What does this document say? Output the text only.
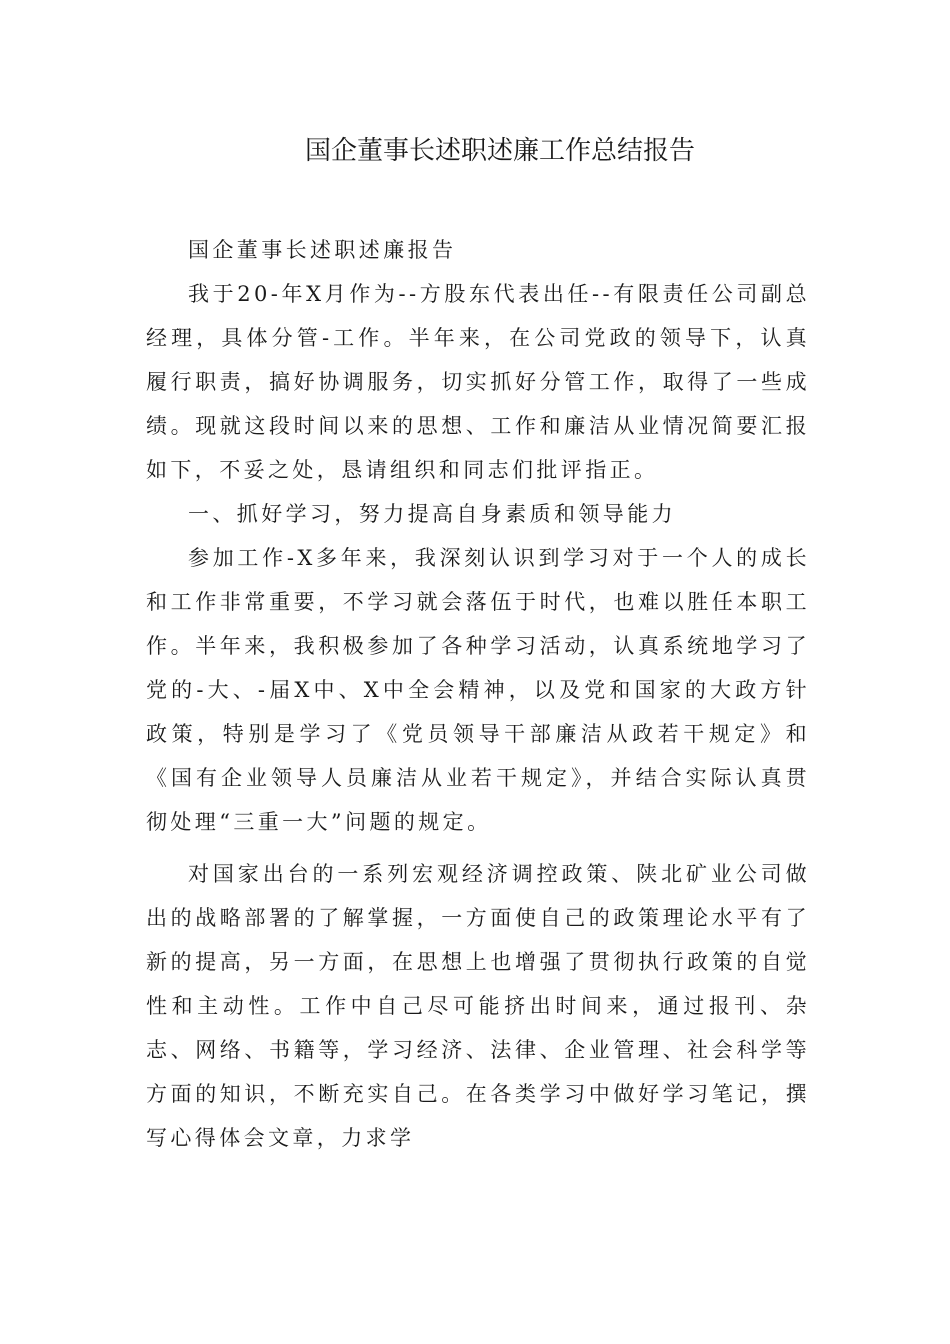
国企董事长述职述廉工作总结报告

国企董事长述职述廉报告

我于20-年X月作为--方股东代表出任--有限责任公司副总经理，具体分管-工作。半年来，在公司党政的领导下，认真履行职责，搞好协调服务，切实抓好分管工作，取得了一些成绩。现就这段时间以来的思想、工作和廉洁从业情况简要汇报如下，不妥之处，恳请组织和同志们批评指正。

一、抓好学习，努力提高自身素质和领导能力

参加工作-X多年来，我深刻认识到学习对于一个人的成长和工作非常重要，不学习就会落伍于时代，也难以胜任本职工作。半年来，我积极参加了各种学习活动，认真系统地学习了党的-大、-届X中、X中全会精神，以及党和国家的大政方针政策，特别是学习了《党员领导干部廉洁从政若干规定》和《国有企业领导人员廉洁从业若干规定》，并结合实际认真贯彻处理“三重一大”问题的规定。

对国家出台的一系列宏观经济调控政策、陕北矿业公司做出的战略部署的了解掌握，一方面使自己的政策理论水平有了新的提高，另一方面，在思想上也增强了贯彻执行政策的自觉性和主动性。工作中自己尽可能挤出时间来，通过报刊、杂志、网络、书籍等，学习经济、法律、企业管理、社会科学等方面的知识，不断充实自己。在各类学习中做好学习笔记，撰写心得体会文章，力求学
